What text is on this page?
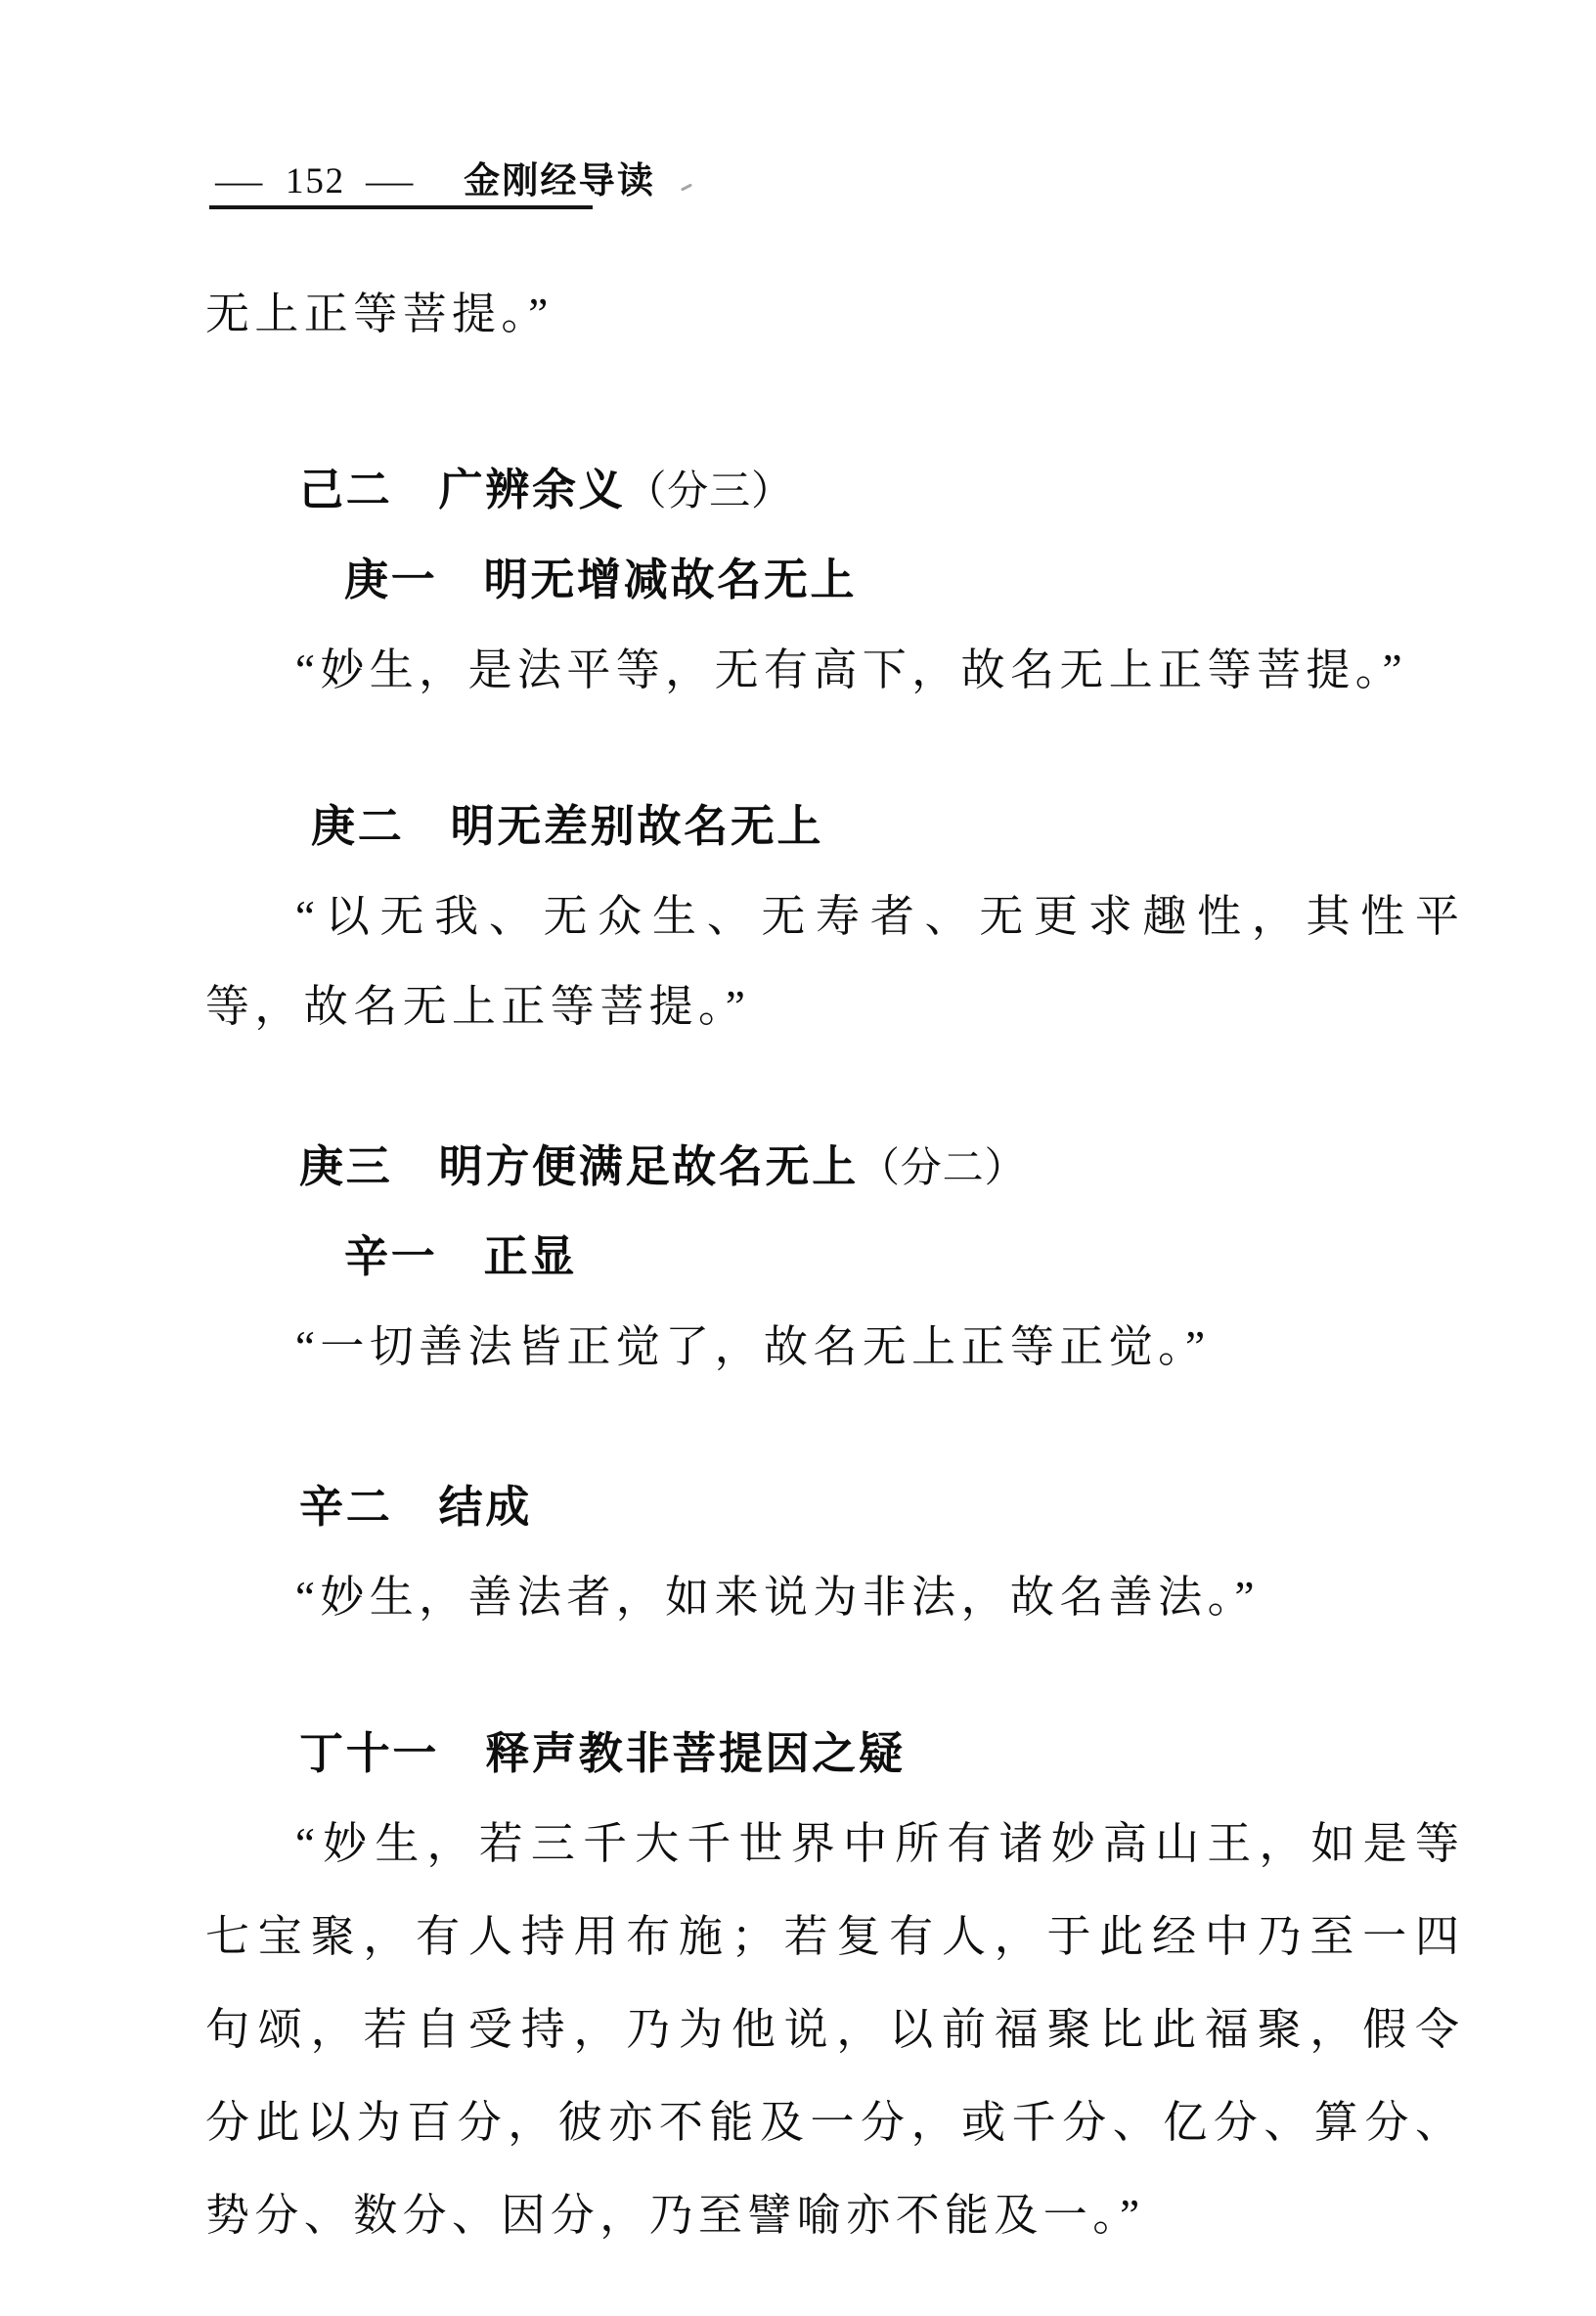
— 152 — 金刚经导读
无上正等菩提。”
己二 广辨余义（分三）
庚一 明无增减故名无上
“妙生，是法平等，无有高下，故名无上正等菩提。”
庚二 明无差别故名无上
“以无我、无众生、无寿者、无更求趣性，其性平
等，故名无上正等菩提。”
庚三 明方便满足故名无上（分二）
辛一 正显
“一切善法皆正觉了，故名无上正等正觉。”
辛二 结成
“妙生，善法者，如来说为非法，故名善法。”
丁十一 释声教非菩提因之疑
“妙生，若三千大千世界中所有诸妙高山王，如是等
七宝聚，有人持用布施；若复有人，于此经中乃至一四
句颂，若自受持，乃为他说，以前福聚比此福聚，假令
分此以为百分，彼亦不能及一分，或千分、亿分、算分、
势分、数分、因分，乃至譬喻亦不能及一。”
